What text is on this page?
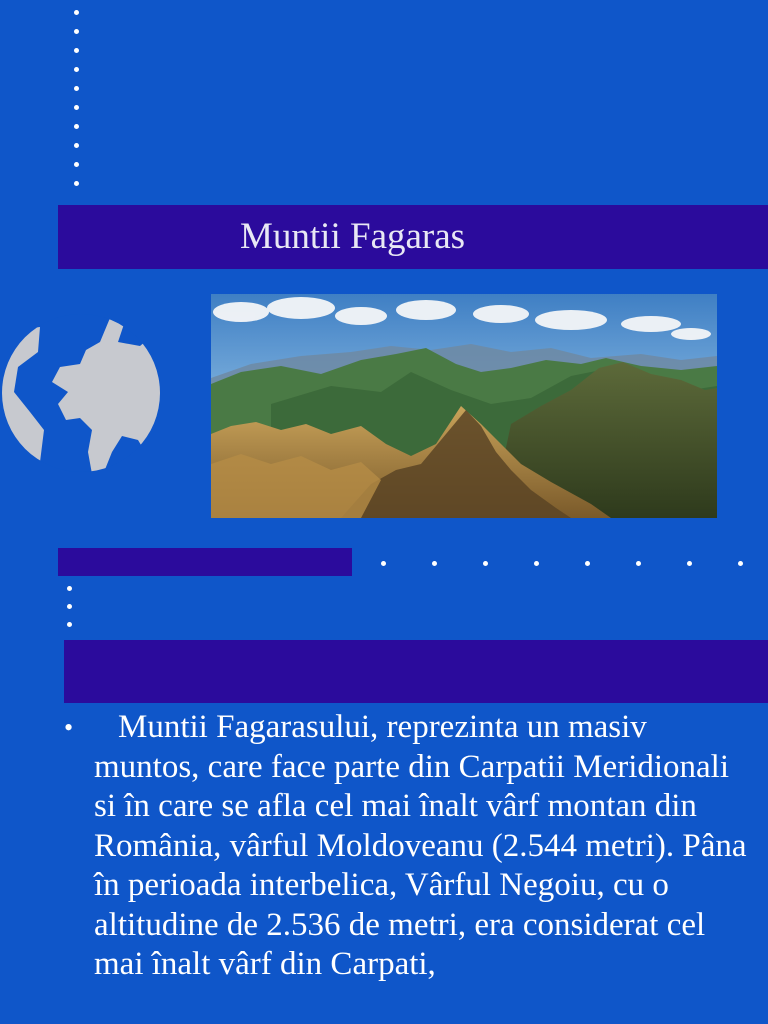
Muntii Fagaras
•	Muntii Fagarasului, reprezinta un masiv muntos, care face parte din Carpatii Meridionali si în care se afla cel mai înalt vârf montan din România, vârful Moldoveanu (2.544 metri). Pâna în perioada interbelica, Vârful Negoiu, cu o altitudine de 2.536 de metri, era considerat cel mai înalt vârf din Carpati,
